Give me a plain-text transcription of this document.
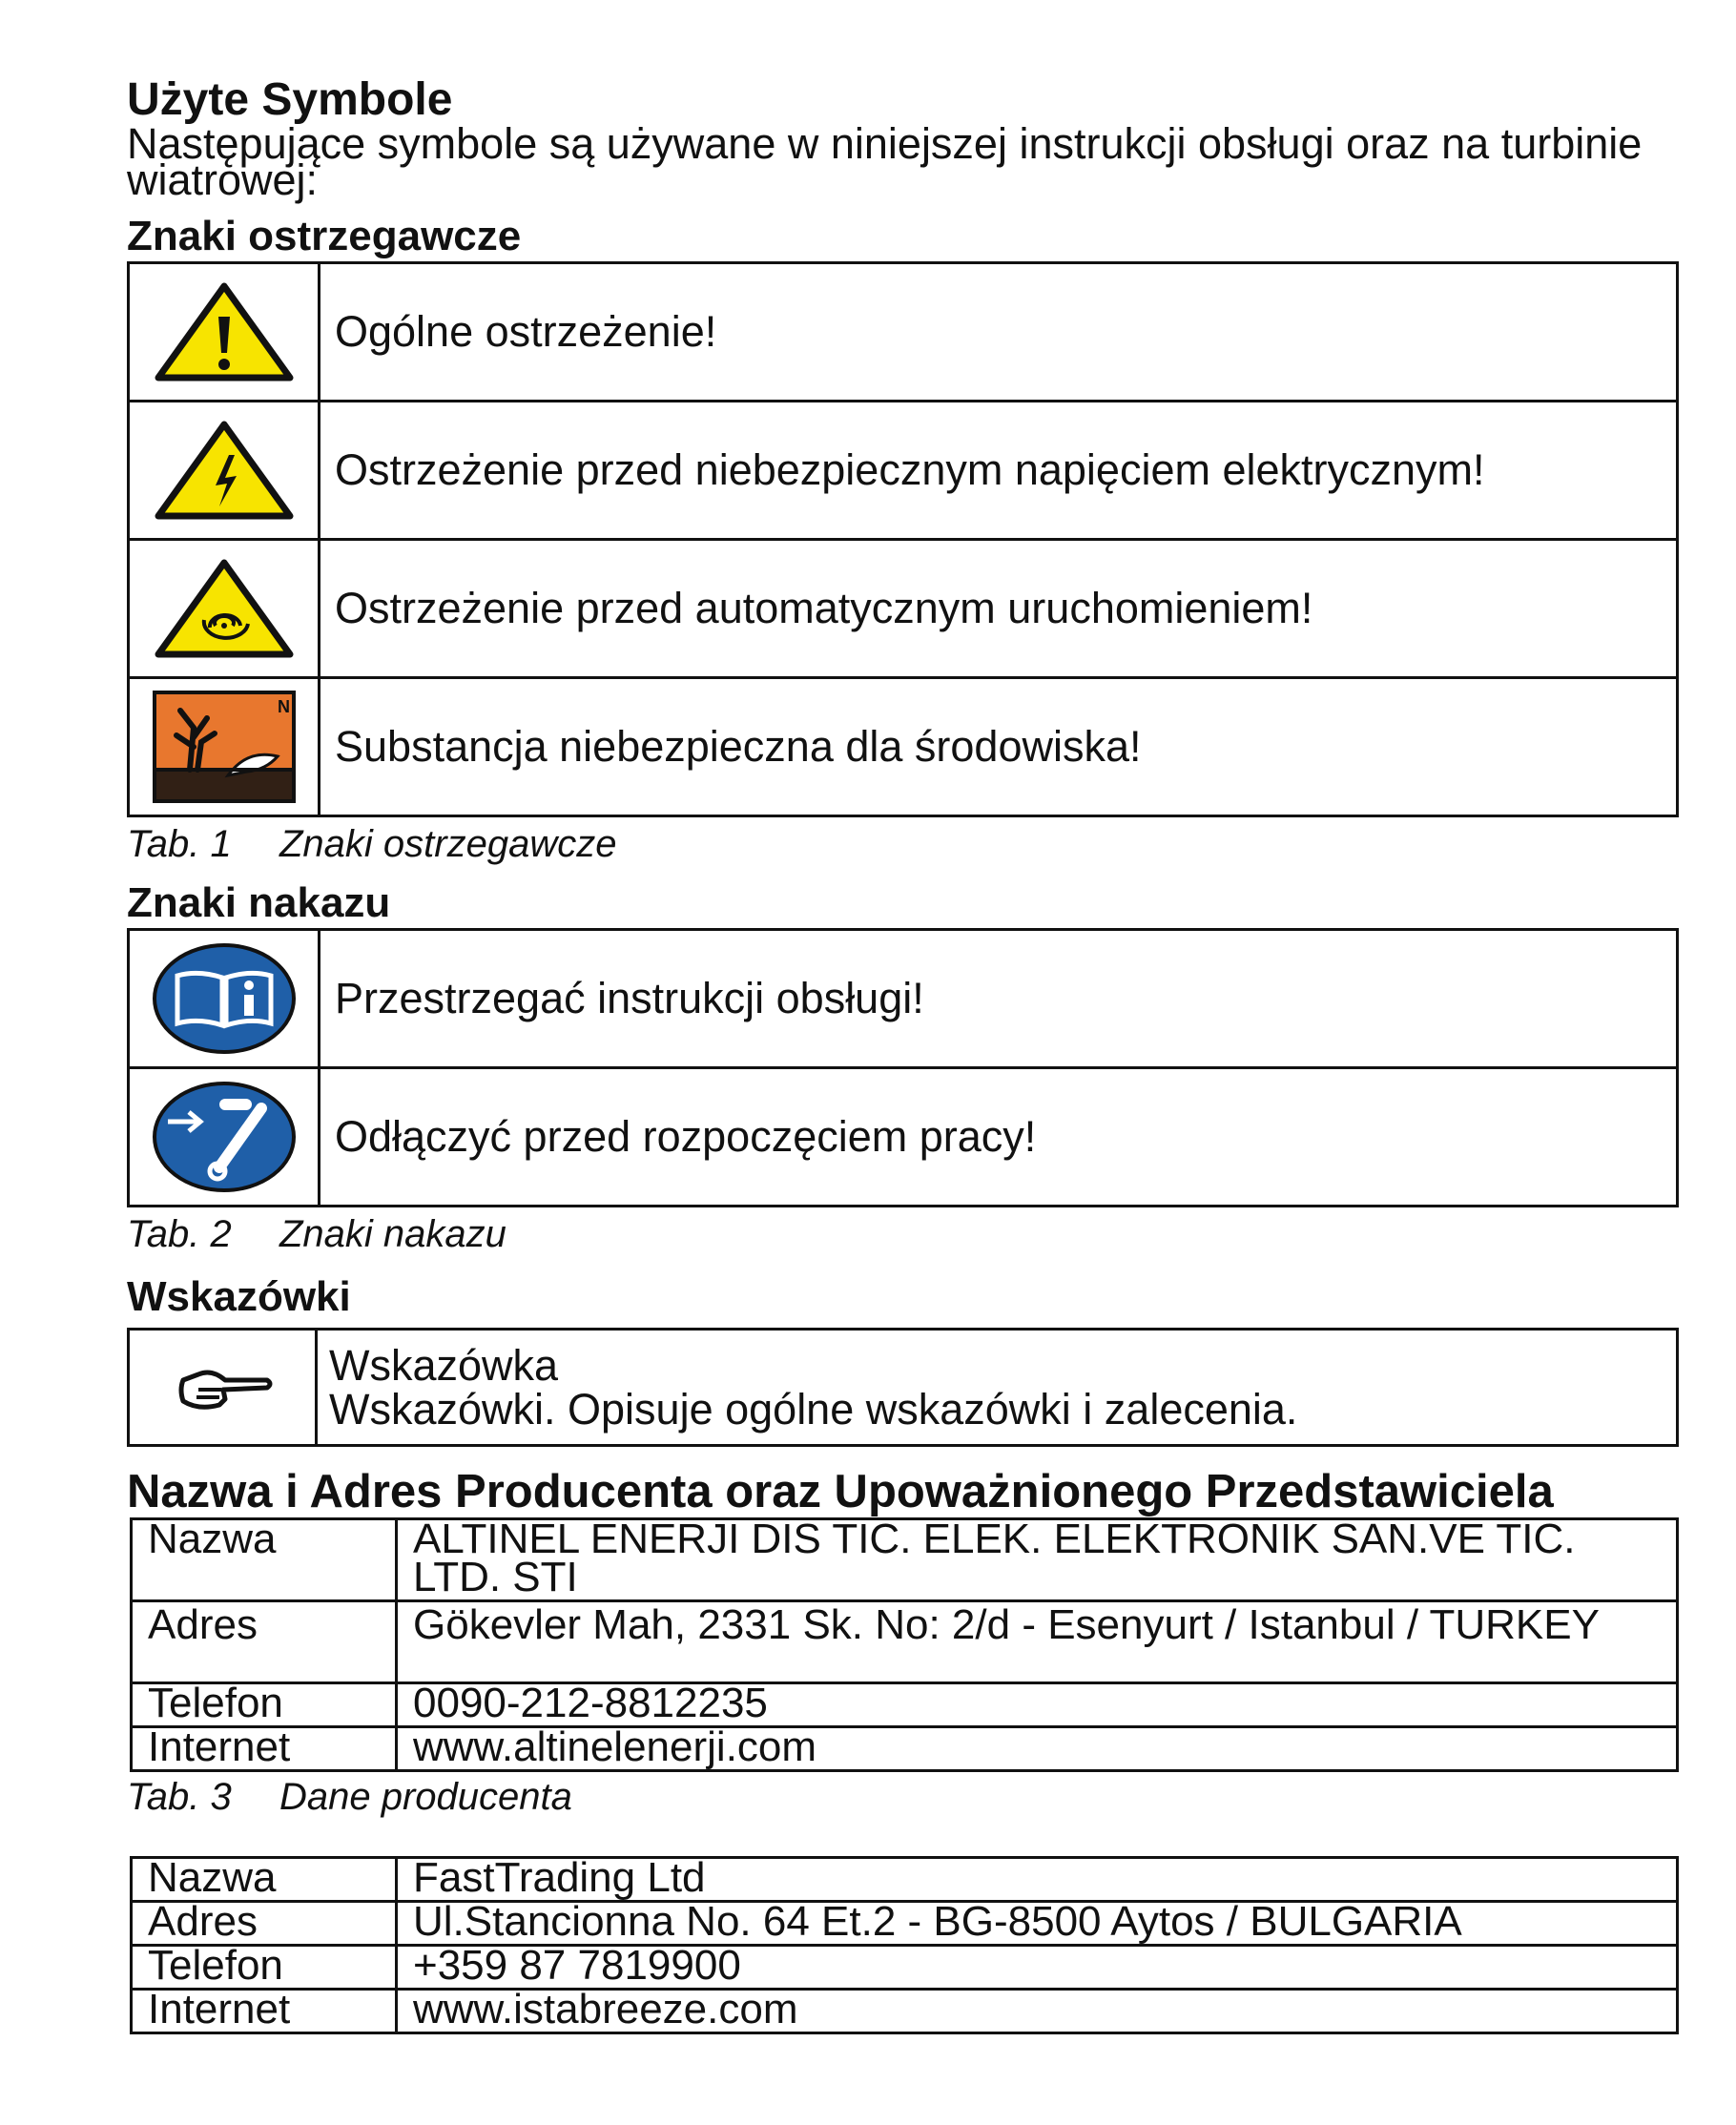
Użyte Symbole

Następujące symbole są używane w niniejszej instrukcji obsługi oraz na turbinie wiatrowej:

Znaki ostrzegawcze
	Ogólne ostrzeżenie!

	Ostrzeżenie przed niebezpiecznym napięciem elektrycznym!

	Ostrzeżenie przed automatycznym uruchomieniem!

N	Substancja niebezpieczna dla środowiska!

Tab. 1 Znaki ostrzegawcze

Znaki nakazu
	Przestrzegać instrukcji obsługi!

	Odłączyć przed rozpoczęciem pracy!

Tab. 2 Znaki nakazu

Wskazówki

Wskazówka
Wskazówki. Opisuje ogólne wskazówki i zalecenia.
Nazwa i Adres Producenta oraz Upoważnionego Przedstawiciela
Nazwa	ALTINEL ENERJI DIS TIC. ELEK. ELEKTRONIK SAN.VE TIC. LTD. STI
Adres	Gökevler Mah, 2331 Sk. No: 2/d - Esenyurt / Istanbul / TURKEY
Telefon	0090-212-8812235
Internet	www.altinelenerji.com

Tab. 3 Dane producenta

Nazwa	FastTrading Ltd
Adres	Ul.Stancionna No. 64 Et.2 - BG-8500 Aytos / BULGARIA
Telefon	+359 87 7819900
Internet	www.istabreeze.com
